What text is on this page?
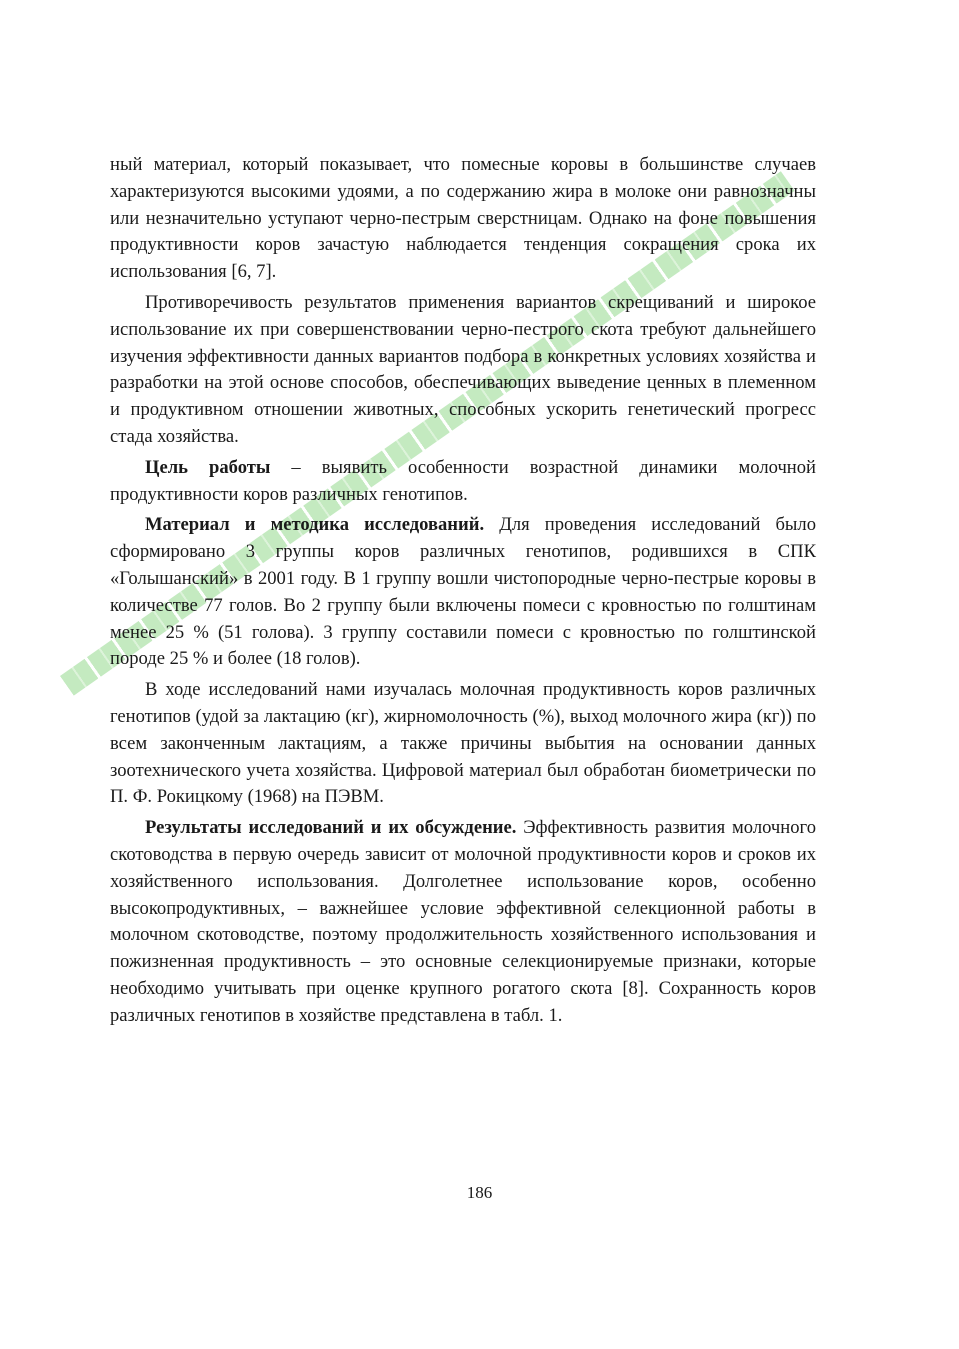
ный материал, который показывает, что помесные коровы в большинстве случаев характеризуются высокими удоями, а по содержанию жира в молоке они равнозначны или незначительно уступают черно-пестрым сверстницам. Однако на фоне повышения продуктивности коров зачастую наблюдается тенденция сокращения срока их использования [6, 7].

Противоречивость результатов применения вариантов скрещиваний и широкое использование их при совершенствовании черно-пестрого скота требуют дальнейшего изучения эффективности данных вариантов подбора в конкретных условиях хозяйства и разработки на этой основе способов, обеспечивающих выведение ценных в племенном и продуктивном отношении животных, способных ускорить генетический прогресс стада хозяйства.

Цель работы – выявить особенности возрастной динамики молочной продуктивности коров различных генотипов.

Материал и методика исследований. Для проведения исследований было сформировано 3 группы коров различных генотипов, родившихся в СПК «Голышанский» в 2001 году. В 1 группу вошли чистопородные черно-пестрые коровы в количестве 77 голов. Во 2 группу были включены помеси с кровностью по голштинам менее 25 % (51 голова). 3 группу составили помеси с кровностью по голштинской породе 25 % и более (18 голов).

В ходе исследований нами изучалась молочная продуктивность коров различных генотипов (удой за лактацию (кг), жирномолочность (%), выход молочного жира (кг)) по всем законченным лактациям, а также причины выбытия на основании данных зоотехнического учета хозяйства. Цифровой материал был обработан биометрически по П. Ф. Рокицкому (1968) на ПЭВМ.

Результаты исследований и их обсуждение. Эффективность развития молочного скотоводства в первую очередь зависит от молочной продуктивности коров и сроков их хозяйственного использования. Долголетнее использование коров, особенно высокопродуктивных, – важнейшее условие эффективной селекционной работы в молочном скотоводстве, поэтому продолжительность хозяйственного использования и пожизненная продуктивность – это основные селекционируемые признаки, которые необходимо учитывать при оценке крупного рогатого скота [8]. Сохранность коров различных генотипов в хозяйстве представлена в табл. 1.

186
